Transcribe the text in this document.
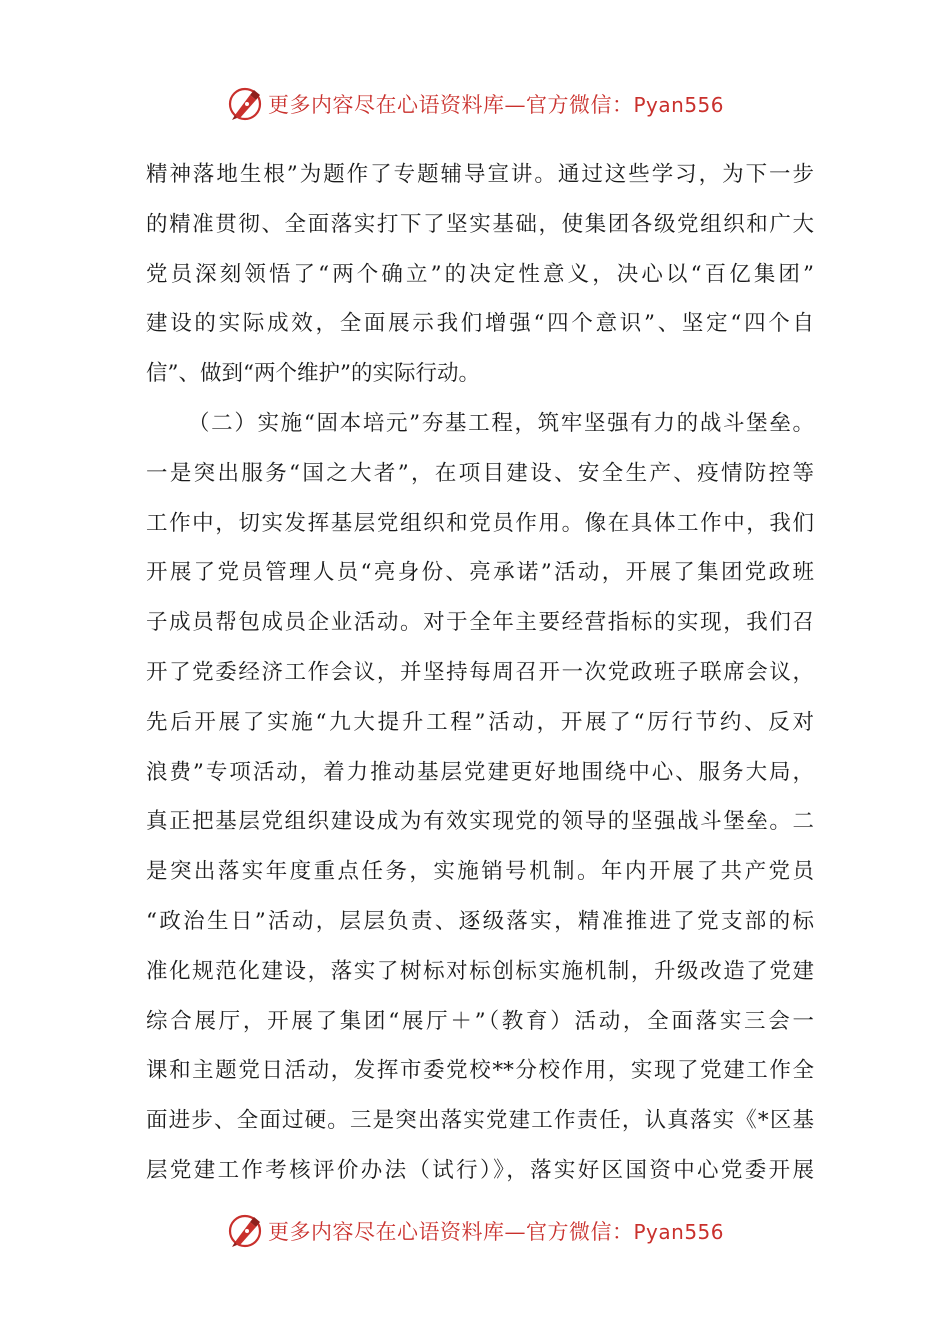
更多内容尽在心语资料库—官方微信：Pyan556
精神落地生根”为题作了专题辅导宣讲。通过这些学习，为下一步
的精准贯彻、全面落实打下了坚实基础，使集团各级党组织和广大
党员深刻领悟了“两个确立”的决定性意义，决心以“百亿集团”
建设的实际成效，全面展示我们增强“四个意识”、坚定“四个自
信”、做到“两个维护”的实际行动。
（二）实施“固本培元”夯基工程，筑牢坚强有力的战斗堡垒。
一是突出服务“国之大者”，在项目建设、安全生产、疫情防控等
工作中，切实发挥基层党组织和党员作用。像在具体工作中，我们
开展了党员管理人员“亮身份、亮承诺”活动，开展了集团党政班
子成员帮包成员企业活动。对于全年主要经营指标的实现，我们召
开了党委经济工作会议，并坚持每周召开一次党政班子联席会议，
先后开展了实施“九大提升工程”活动，开展了“厉行节约、反对
浪费”专项活动，着力推动基层党建更好地围绕中心、服务大局，
真正把基层党组织建设成为有效实现党的领导的坚强战斗堡垒。二
是突出落实年度重点任务，实施销号机制。年内开展了共产党员
“政治生日”活动，层层负责、逐级落实，精准推进了党支部的标
准化规范化建设，落实了树标对标创标实施机制，升级改造了党建
综合展厅，开展了集团“展厅＋”（教育）活动，全面落实三会一
课和主题党日活动，发挥市委党校**分校作用，实现了党建工作全
面进步、全面过硬。三是突出落实党建工作责任，认真落实《*区基
层党建工作考核评价办法（试行）》，落实好区国资中心党委开展
更多内容尽在心语资料库—官方微信：Pyan556
